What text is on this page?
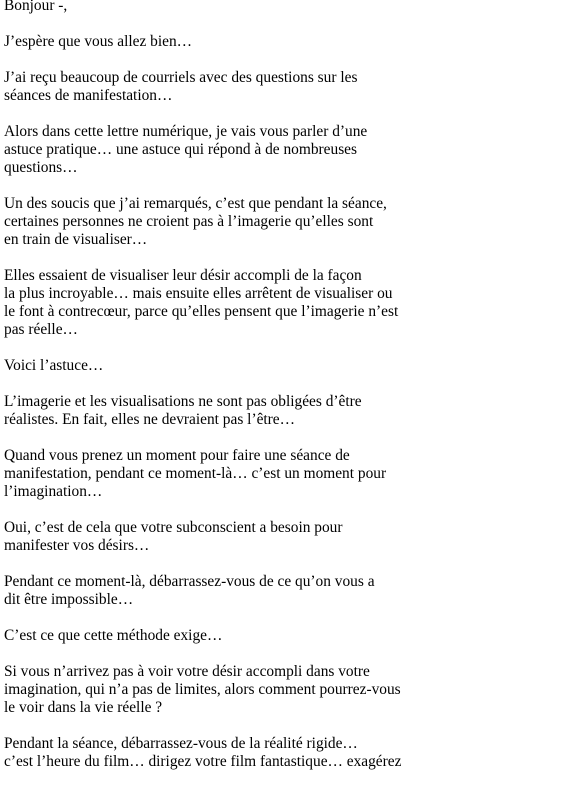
Bonjour -,

J’espère que vous allez bien…

J’ai reçu beaucoup de courriels avec des questions sur les
séances de manifestation…

Alors dans cette lettre numérique, je vais vous parler d’une
astuce pratique… une astuce qui répond à de nombreuses
questions…

Un des soucis que j’ai remarqués, c’est que pendant la séance,
certaines personnes ne croient pas à l’imagerie qu’elles sont
en train de visualiser…

Elles essaient de visualiser leur désir accompli de la façon
la plus incroyable… mais ensuite elles arrêtent de visualiser ou
le font à contrecœur, parce qu’elles pensent que l’imagerie n’est
pas réelle…

Voici l’astuce…

L’imagerie et les visualisations ne sont pas obligées d’être
réalistes. En fait, elles ne devraient pas l’être…

Quand vous prenez un moment pour faire une séance de
manifestation, pendant ce moment-là… c’est un moment pour
l’imagination…

Oui, c’est de cela que votre subconscient a besoin pour
manifester vos désirs…

Pendant ce moment-là, débarrassez-vous de ce qu’on vous a
dit être impossible…

C’est ce que cette méthode exige…

Si vous n’arrivez pas à voir votre désir accompli dans votre
imagination, qui n’a pas de limites, alors comment pourrez-vous
le voir dans la vie réelle ?

Pendant la séance, débarrassez-vous de la réalité rigide…
c’est l’heure du film… dirigez votre film fantastique… exagérez
